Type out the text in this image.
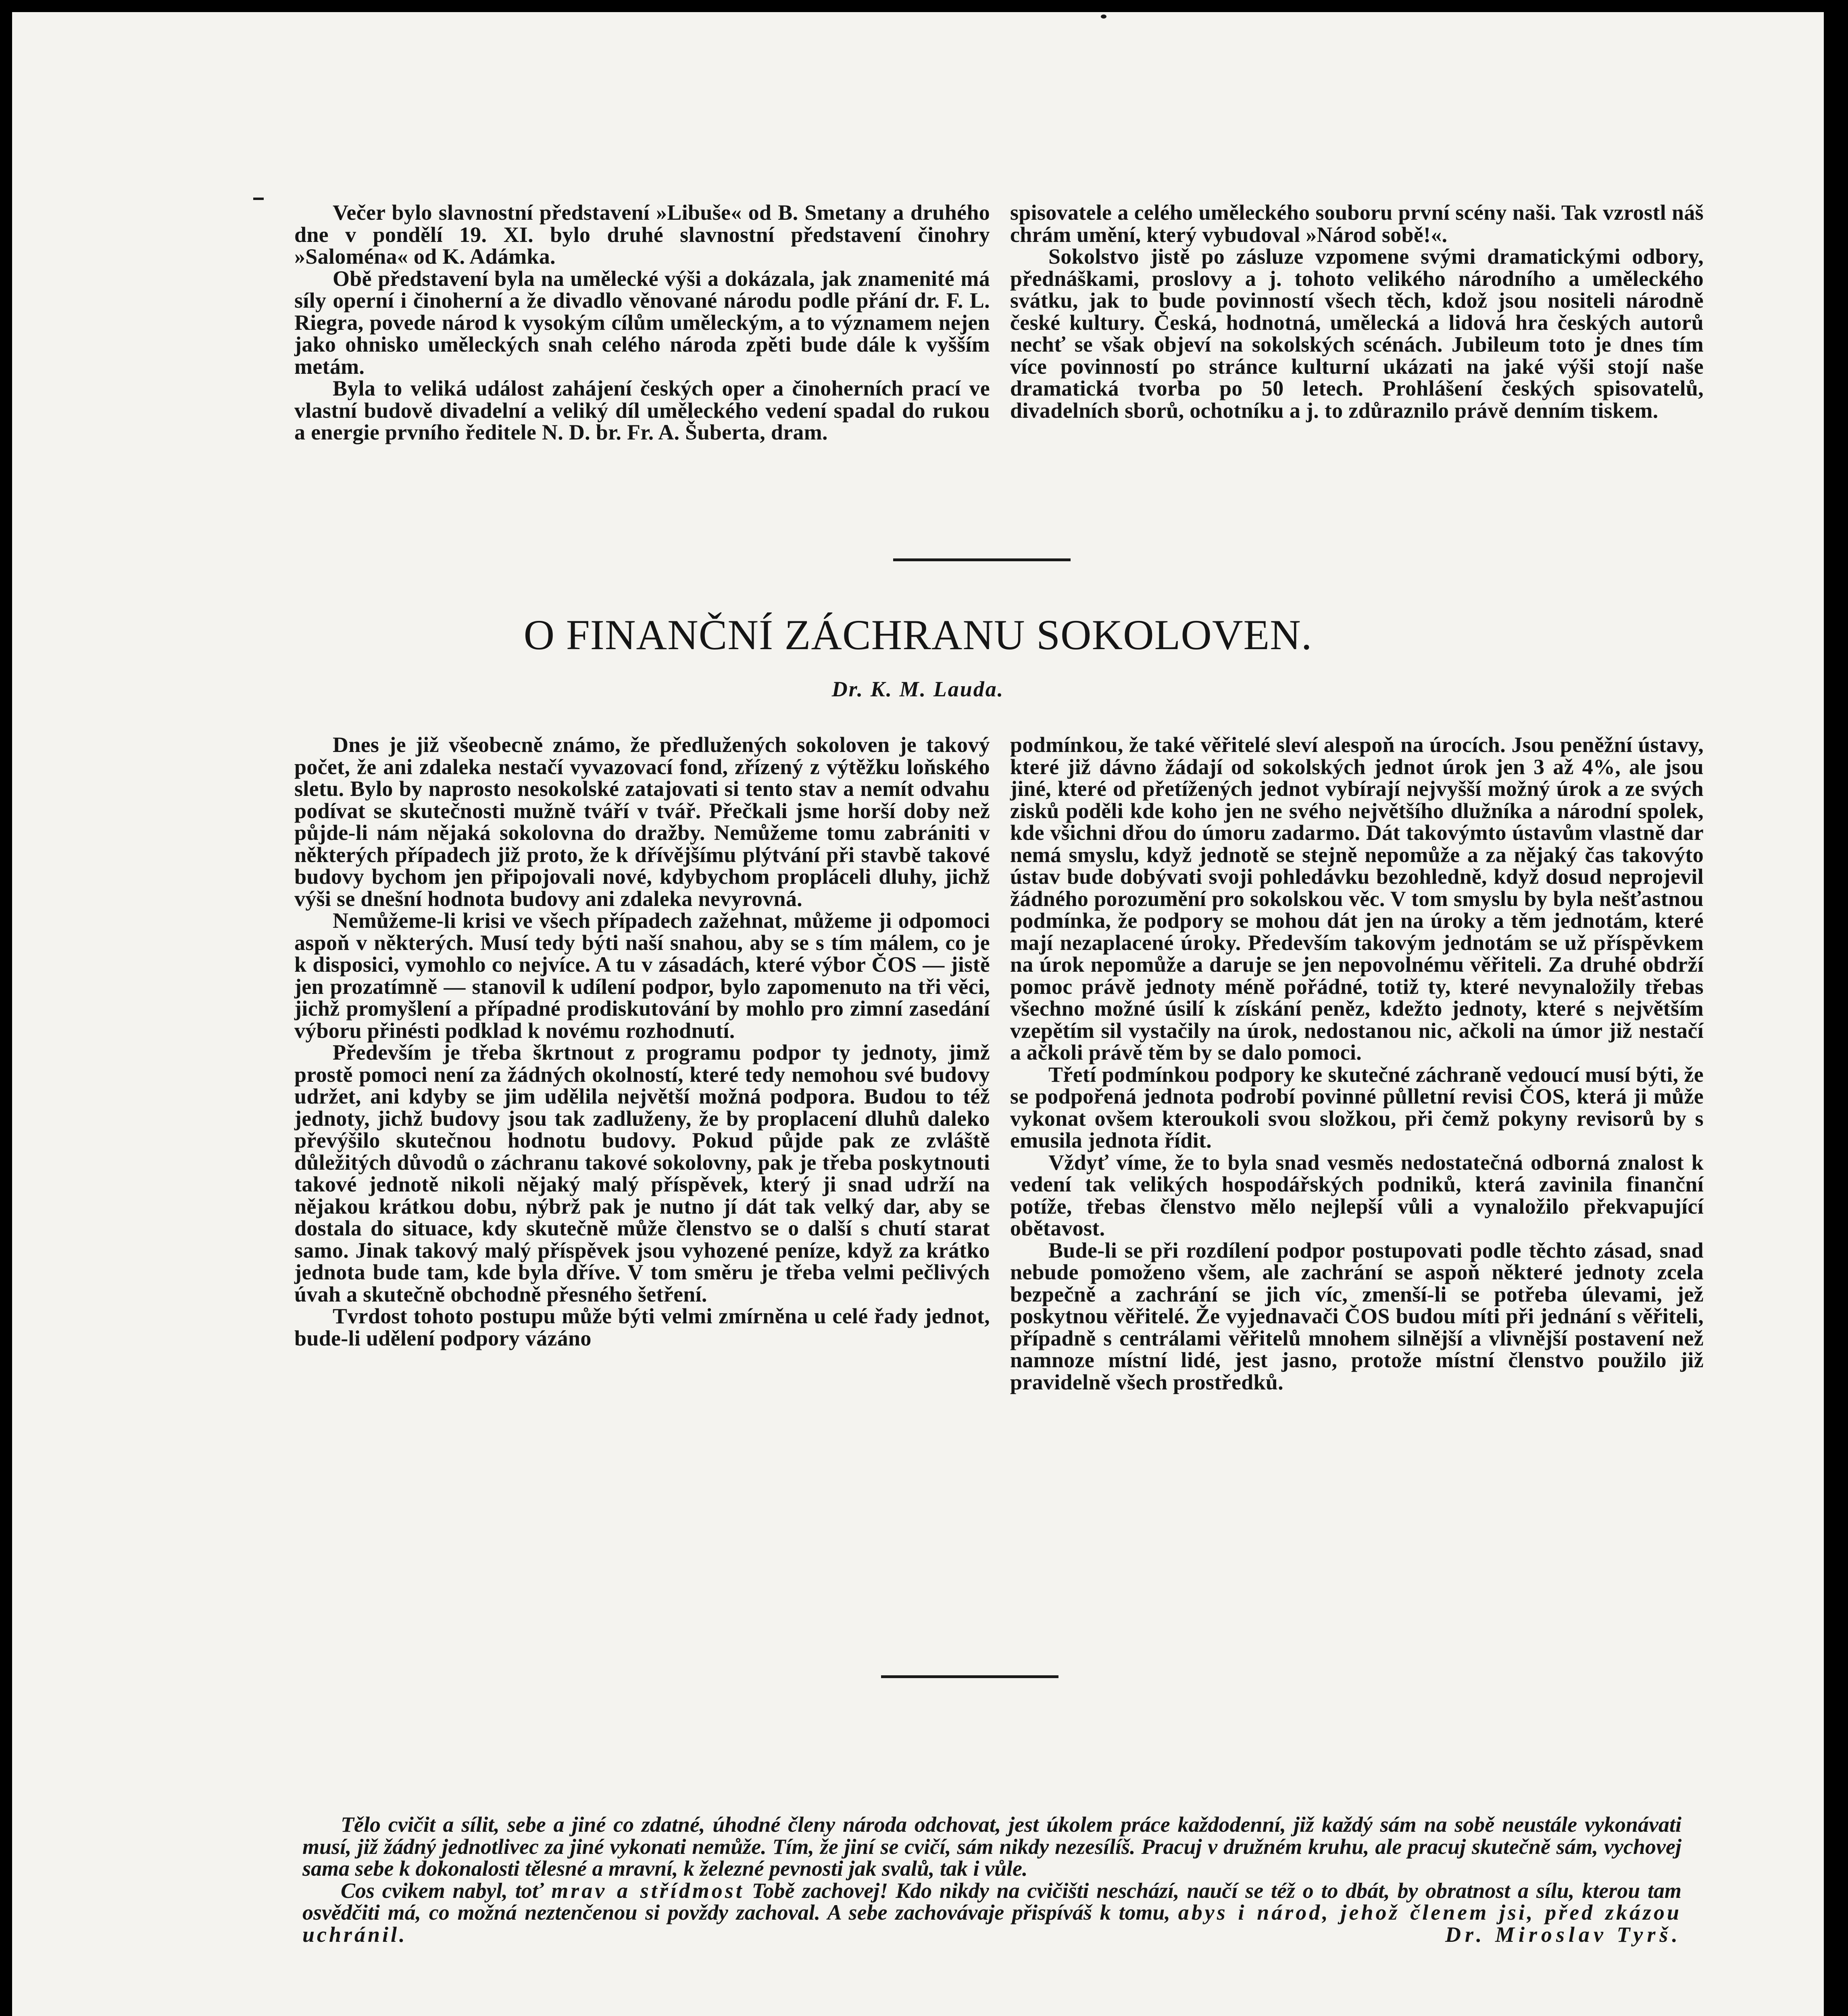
Večer bylo slavnostní představení »Libuše« od B. Smetany a druhého dne v pondělí 19. XI. bylo druhé slavnostní představení činohry »Saloména« od K. Adámka.

Obě představení byla na umělecké výši a dokázala, jak znamenité má síly operní i činoherní a že divadlo věnované národu podle přání dr. F. L. Riegra, povede národ k vysokým cílům uměleckým, a to významem nejen jako ohnisko uměleckých snah celého národa zpěti bude dále k vyšším metám.

Byla to veliká událost zahájení českých oper a činoherních prací ve vlastní budově divadelní a veliký díl uměleckého vedení spadal do rukou a energie prvního ředitele N. D. br. Fr. A. Šuberta, dram.

spisovatele a celého uměleckého souboru první scény naši. Tak vzrostl náš chrám umění, který vybudoval »Národ sobě!«.

Sokolstvo jistě po zásluze vzpomene svými dramatickými odbory, přednáškami, proslovy a j. tohoto velikého národního a uměleckého svátku, jak to bude povinností všech těch, kdož jsou nositeli národně české kultury. Česká, hodnotná, umělecká a lidová hra českých autorů nechť se však objeví na sokolských scénách. Jubileum toto je dnes tím více povinností po stránce kulturní ukázati na jaké výši stojí naše dramatická tvorba po 50 letech. Prohlášení českých spisovatelů, divadelních sborů, ochotníku a j. to zdůraznilo právě denním tiskem.

O FINANČNÍ ZÁCHRANU SOKOLOVEN.
Dr. K. M. Lauda.

Dnes je již všeobecně známo, že předlužených sokoloven je takový počet, že ani zdaleka nestačí vyvazovací fond, zřízený z výtěžku loňského sletu. Bylo by naprosto nesokolské zatajovati si tento stav a nemít odvahu podívat se skutečnosti mužně tváří v tvář. Přečkali jsme horší doby než půjde-li nám nějaká sokolovna do dražby. Nemůžeme tomu zabrániti v některých případech již proto, že k dřívějšímu plýtvání při stavbě takové budovy bychom jen připojovali nové, kdybychom propláceli dluhy, jichž výši se dnešní hodnota budovy ani zdaleka nevyrovná.

Nemůžeme-li krisi ve všech případech zažehnat, můžeme ji odpomoci aspoň v některých. Musí tedy býti naší snahou, aby se s tím málem, co je k disposici, vymohlo co nejvíce. A tu v zásadách, které výbor ČOS — jistě jen prozatímně — stanovil k udílení podpor, bylo zapomenuto na tři věci, jichž promyšlení a případné prodiskutování by mohlo pro zimní zasedání výboru přinésti podklad k novému rozhodnutí.

Především je třeba škrtnout z programu podpor ty jednoty, jimž prostě pomoci není za žádných okolností, které tedy nemohou své budovy udržet, ani kdyby se jim udělila největší možná podpora. Budou to též jednoty, jichž budovy jsou tak zadluženy, že by proplacení dluhů daleko převýšilo skutečnou hodnotu budovy. Pokud půjde pak ze zvláště důležitých důvodů o záchranu takové sokolovny, pak je třeba poskytnouti takové jednotě nikoli nějaký malý příspěvek, který ji snad udrží na nějakou krátkou dobu, nýbrž pak je nutno jí dát tak velký dar, aby se dostala do situace, kdy skutečně může členstvo se o další s chutí starat samo. Jinak takový malý příspěvek jsou vyhozené peníze, když za krátko jednota bude tam, kde byla dříve. V tom směru je třeba velmi pečlivých úvah a skutečně obchodně přesného šetření.

Tvrdost tohoto postupu může býti velmi zmírněna u celé řady jednot, bude-li udělení podpory vázáno

podmínkou, že také věřitelé sleví alespoň na úrocích. Jsou peněžní ústavy, které již dávno žádají od sokolských jednot úrok jen 3 až 4%, ale jsou jiné, které od přetížených jednot vybírají nejvyšší možný úrok a ze svých zisků poděli kde koho jen ne svého největšího dlužníka a národní spolek, kde všichni dřou do úmoru zadarmo. Dát takovýmto ústavům vlastně dar nemá smyslu, když jednotě se stejně nepomůže a za nějaký čas takovýto ústav bude dobývati svoji pohledávku bezohledně, když dosud neprojevil žádného porozumění pro sokolskou věc. V tom smyslu by byla nešťastnou podmínka, že podpory se mohou dát jen na úroky a těm jednotám, které mají nezaplacené úroky. Především takovým jednotám se už příspěvkem na úrok nepomůže a daruje se jen nepovolnému věřiteli. Za druhé obdrží pomoc právě jednoty méně pořádné, totiž ty, které nevynaložily třebas všechno možné úsilí k získání peněz, kdežto jednoty, které s největším vzepětím sil vystačily na úrok, nedostanou nic, ačkoli na úmor již nestačí a ačkoli právě těm by se dalo pomoci.

Třetí podmínkou podpory ke skutečné záchraně vedoucí musí býti, že se podpořená jednota podrobí povinné půlletní revisi ČOS, která ji může vykonat ovšem kteroukoli svou složkou, při čemž pokyny revisorů by s emusila jednota řídit.

Vždyť víme, že to byla snad vesměs nedostatečná odborná znalost k vedení tak velikých hospodářských podniků, která zavinila finanční potíže, třebas členstvo mělo nejlepší vůli a vynaložilo překvapující obětavost.

Bude-li se při rozdílení podpor postupovati podle těchto zásad, snad nebude pomoženo všem, ale zachrání se aspoň některé jednoty zcela bezpečně a zachrání se jich víc, zmenší-li se potřeba úlevami, jež poskytnou věřitelé. Že vyjednavači ČOS budou míti při jednání s věřiteli, případně s centrálami věřitelů mnohem silnější a vlivnější postavení než namnoze místní lidé, jest jasno, protože místní členstvo použilo již pravidelně všech prostředků.

Tělo cvičit a sílit, sebe a jiné co zdatné, úhodné členy národa odchovat, jest úkolem práce každodenní, již každý sám na sobě neustále vykonávati musí, již žádný jednotlivec za jiné vykonati nemůže. Tím, že jiní se cvičí, sám nikdy nezesílíš. Pracuj v družném kruhu, ale pracuj skutečně sám, vychovej sama sebe k dokonalosti tělesné a mravní, k železné pevnosti jak svalů, tak i vůle.

Cos cvikem nabyl, toť mrav a střídmost Tobě zachovej! Kdo nikdy na cvičišti neschází, naučí se též o to dbát, by obratnost a sílu, kterou tam osvědčiti má, co možná neztenčenou si povždy zachoval. A sebe zachovávaje přispíváš k tomu, abys i národ, jehož členem jsi, před zkázou uchránil.	Dr. Miroslav Tyrš.
